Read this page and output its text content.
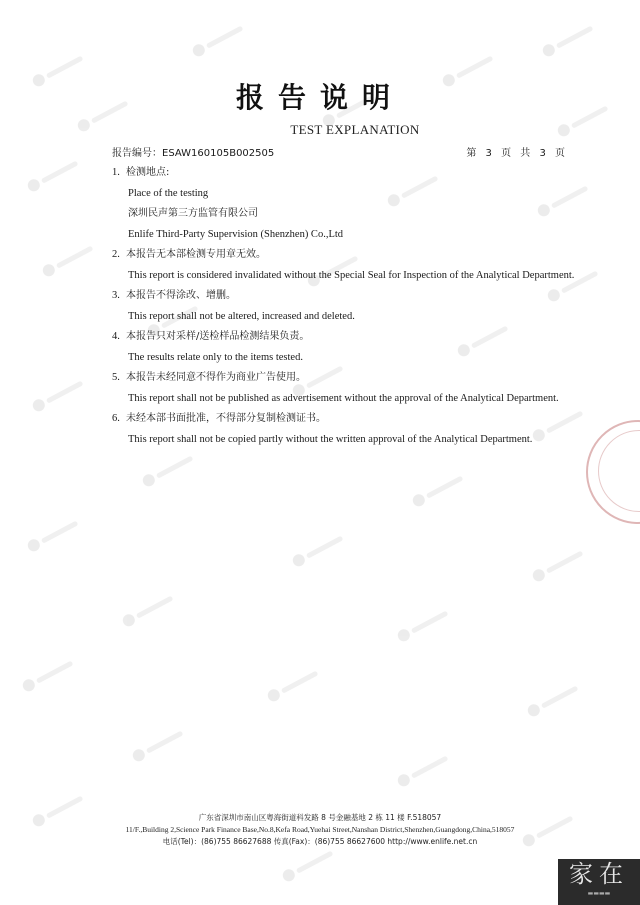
报告说明
TEST EXPLANATION
报告编号：ESAW160105B002505	第 3 页 共 3 页
1. 检测地点:
Place of the testing
深圳民声第三方监管有限公司
Enlife Third-Party Supervision (Shenzhen) Co.,Ltd
2. 本报告无本部检测专用章无效。
This report is considered invalidated without the Special Seal for Inspection of the Analytical Department.
3. 本报告不得涂改、增删。
This report shall not be altered, increased and deleted.
4. 本报告只对采样/送检样品检测结果负责。
The results relate only to the items tested.
5. 本报告未经同意不得作为商业广告使用。
This report shall not be published as advertisement without the approval of the Analytical Department.
6. 未经本部书面批准，不得部分复制检测证书。
This report shall not be copied partly without the written approval of the Analytical Department.
广东省深圳市南山区粤海街道科发路 8 号金融基地 2 栋 11 楼 F.518057
11/F.,Building 2,Science Park Finance Base,No.8,Kefa Road,Yuehai Street,Nanshan District,Shenzhen,Guangdong,China,518057
电话(Tel)：(86)755 86627688 传真(Fax)：(86)755 86627600 http://www.enlife.net.cn
家在
▬▬▬▬
